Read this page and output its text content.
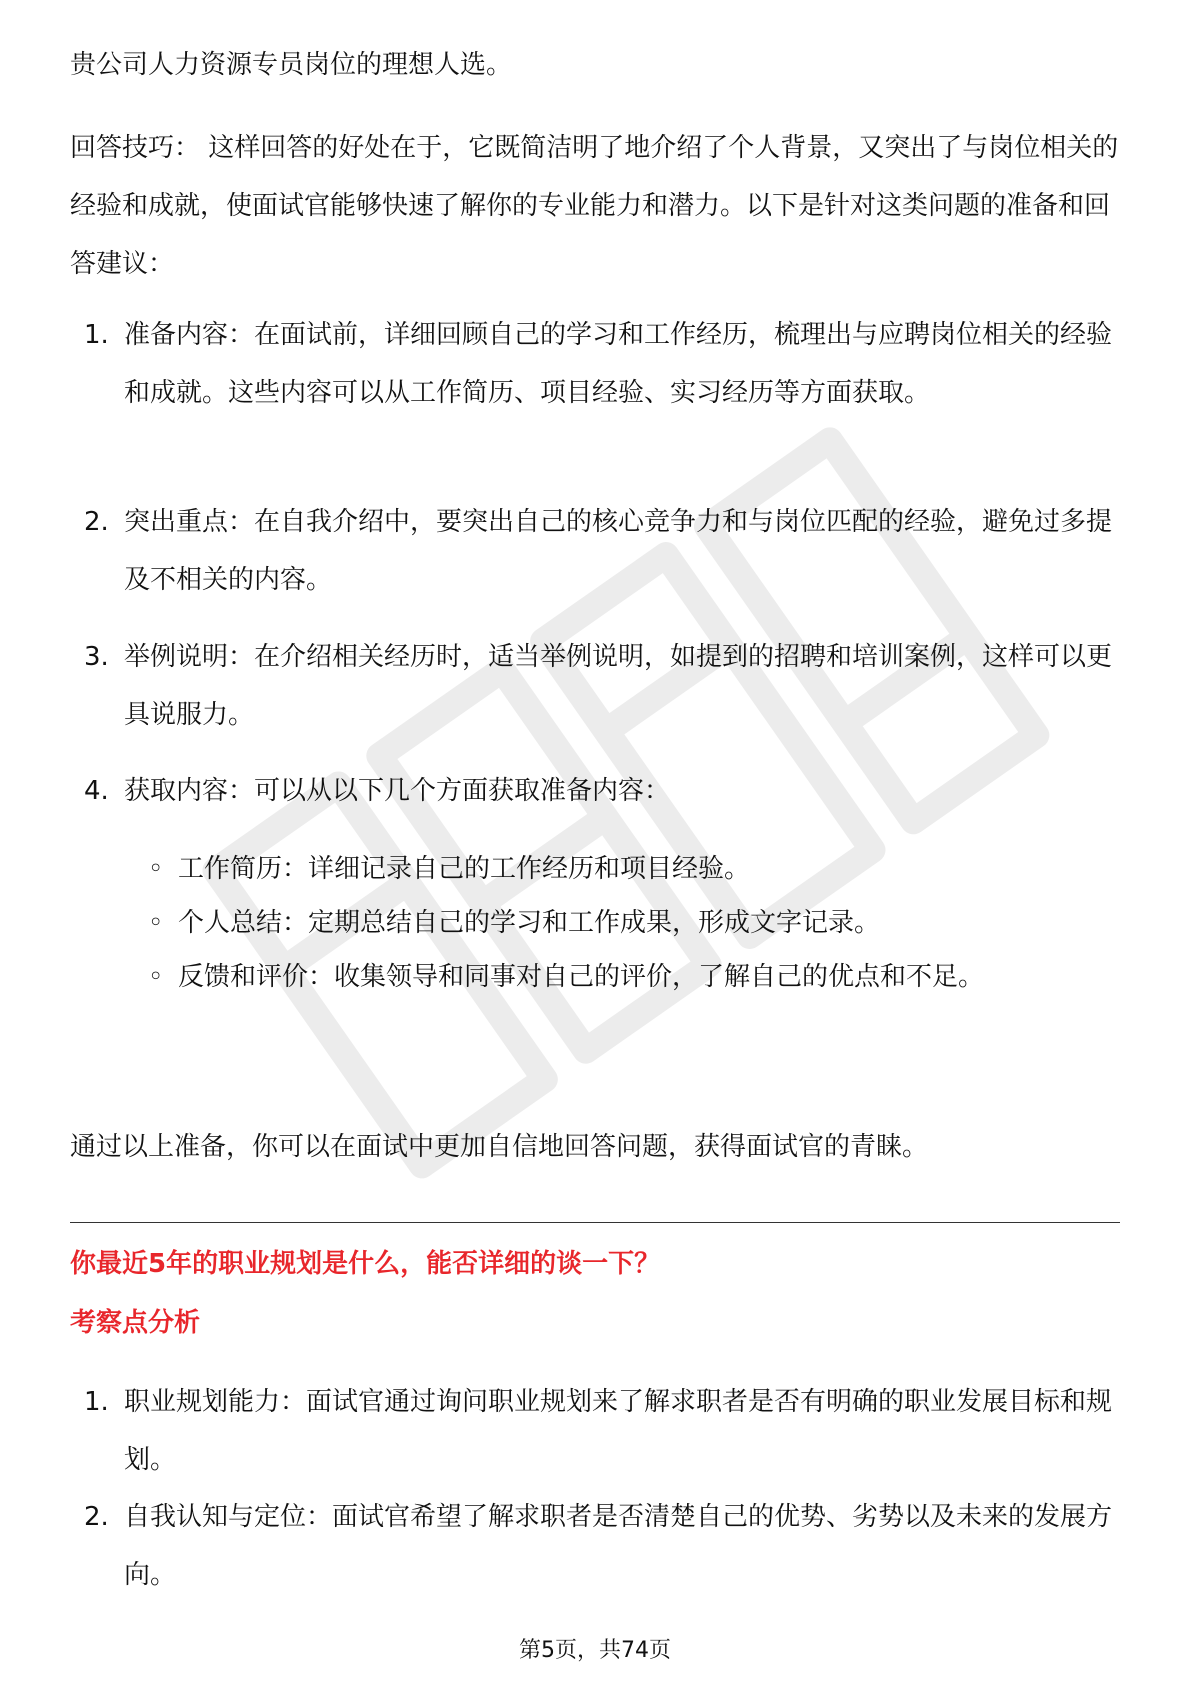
贵公司人力资源专员岗位的理想人选。

回答技巧： 这样回答的好处在于，它既简洁明了地介绍了个人背景，又突出了与岗位相关的经验和成就，使面试官能够快速了解你的专业能力和潜力。以下是针对这类问题的准备和回答建议：

1. 准备内容：在面试前，详细回顾自己的学习和工作经历，梳理出与应聘岗位相关的经验和成就。这些内容可以从工作简历、项目经验、实习经历等方面获取。
2. 突出重点：在自我介绍中，要突出自己的核心竞争力和与岗位匹配的经验，避免过多提及不相关的内容。
3. 举例说明：在介绍相关经历时，适当举例说明，如提到的招聘和培训案例，这样可以更具说服力。
4. 获取内容：可以从以下几个方面获取准备内容：
◦ 工作简历：详细记录自己的工作经历和项目经验。
◦ 个人总结：定期总结自己的学习和工作成果，形成文字记录。
◦ 反馈和评价：收集领导和同事对自己的评价，了解自己的优点和不足。
通过以上准备，你可以在面试中更加自信地回答问题，获得面试官的青睐。
你最近5年的职业规划是什么，能否详细的谈一下？
考察点分析
1. 职业规划能力：面试官通过询问职业规划来了解求职者是否有明确的职业发展目标和规划。
2. 自我认知与定位：面试官希望了解求职者是否清楚自己的优势、劣势以及未来的发展方向。
第5页，共74页
